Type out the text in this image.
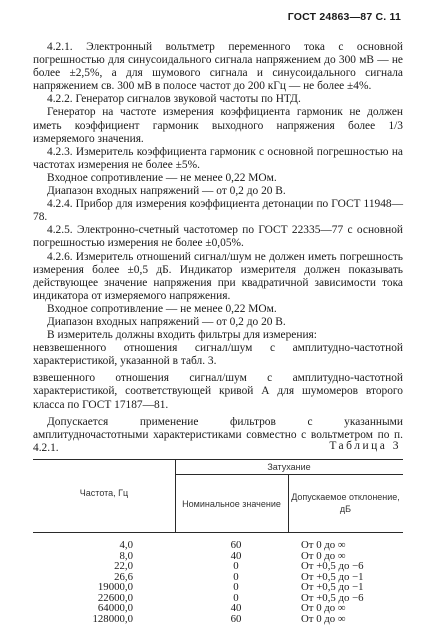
ГОСТ 24863—87 С. 11

4.2.1. Электронный вольтметр переменного тока с основной погрешностью для синусоидального сигнала напряжением до 300 мВ — не более ±2,5%, а для шумового сигнала и синусоидального сигнала напряжением св. 300 мВ в полосе частот до 200 кГц — не более ±4%.

4.2.2. Генератор сигналов звуковой частоты по НТД.

Генератор на частоте измерения коэффициента гармоник не должен иметь коэффициент гармоник выходного напряжения более 1/3 измеряемого значения.

4.2.3. Измеритель коэффициента гармоник с основной погрешностью на частотах измерения не более ±5%.

Входное сопротивление — не менее 0,22 МОм.

Диапазон входных напряжений — от 0,2 до 20 В.

4.2.4. Прибор для измерения коэффициента детонации по ГОСТ 11948—78.

4.2.5. Электронно-счетный частотомер по ГОСТ 22335—77 с основной погрешностью измерения не более ±0,05%.

4.2.6. Измеритель отношений сигнал/шум не должен иметь погрешность измерения более ±0,5 дБ. Индикатор измерителя должен показывать действующее значение напряжения при квадратичной зависимости тока индикатора от измеряемого напряжения.

Входное сопротивление — не менее 0,22 МОм.

Диапазон входных напряжений — от 0,2 до 20 В.

В измеритель должны входить фильтры для измерения:

невзвешенного отношения сигнал/шум с амплитудно-частотной характеристикой, указанной в табл. 3.

взвешенного отношения сигнал/шум с амплитудно-частотной характеристикой, соответствующей кривой А для шумомеров второго класса по ГОСТ 17187—81.

Допускается применение фильтров с указанными амплитудночастотными характеристиками совместно с вольтметром по п. 4.2.1.	Таблица 3
Частота, Гц
Затухание
Номинальное значение
Допускаемое отклонение,
дБ
4,0	60	От 0 до ∞
8,0	40	От 0 до ∞
22,0	0	От +0,5 до −6
26,6	0	От +0,5 до −1
19000,0	0	От +0,5 до −1
22600,0	0	От +0,5 до −6
64000,0	40	От 0 до ∞
128000,0	60	От 0 до ∞
